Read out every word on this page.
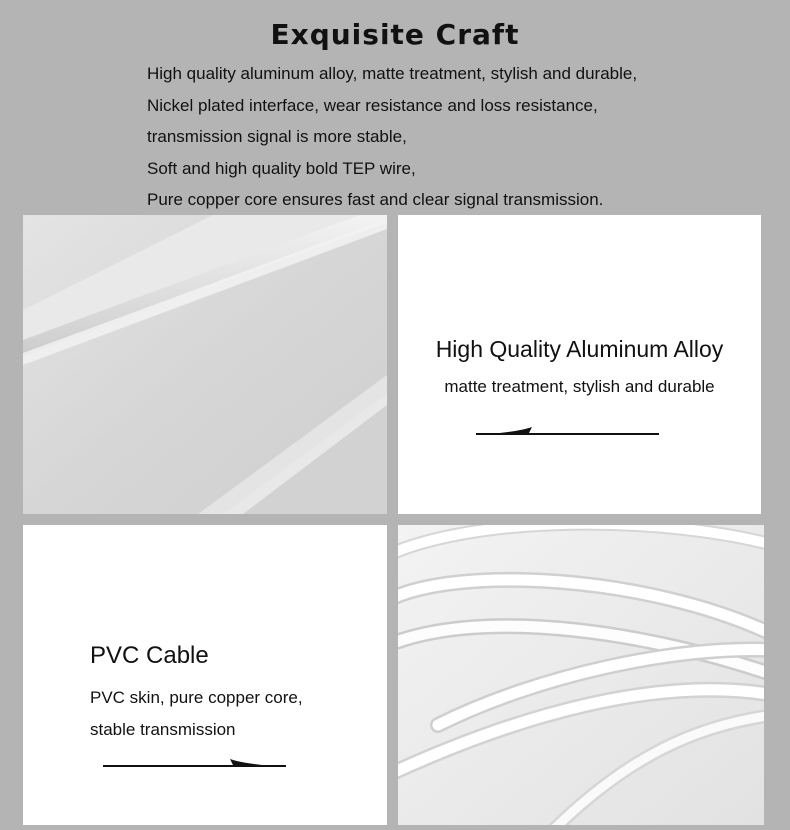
Exquisite Craft
High quality aluminum alloy, matte treatment, stylish and durable,
Nickel plated interface, wear resistance and loss resistance,
transmission signal is more stable,
Soft and high quality bold TEP wire,
Pure copper core ensures fast and clear signal transmission.
High Quality Aluminum Alloy
matte treatment, stylish and durable
PVC Cable
PVC skin, pure copper core,
stable transmission
